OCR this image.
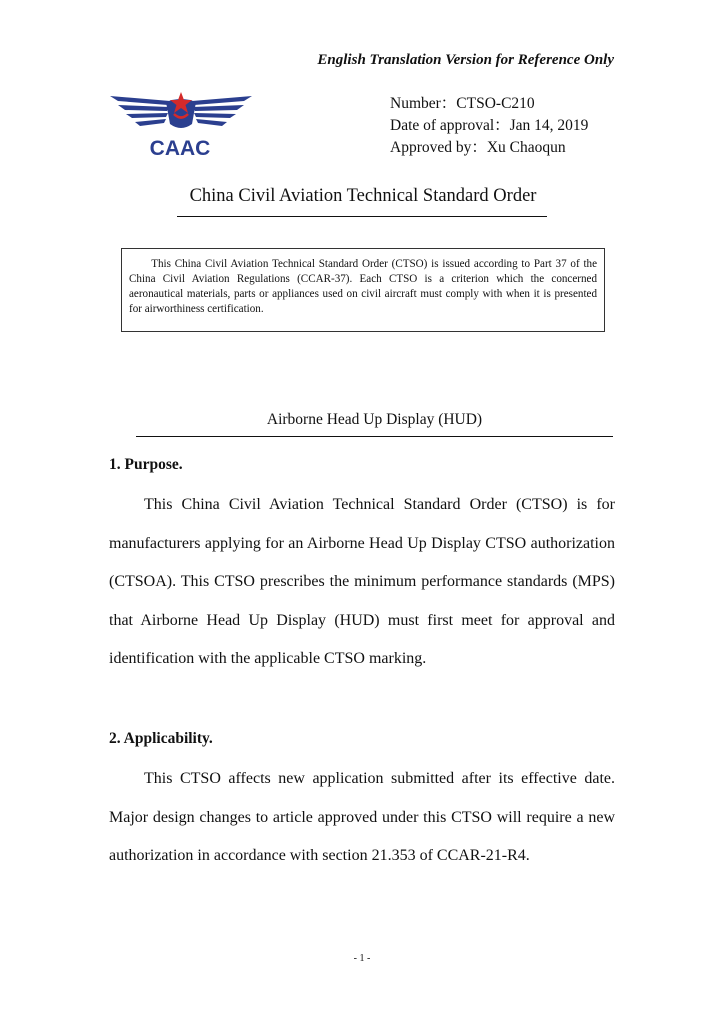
English Translation Version for Reference Only
CAAC
Number：CTSO-C210
Date of approval：Jan 14, 2019
Approved by：Xu Chaoqun
China Civil Aviation Technical Standard Order

This China Civil Aviation Technical Standard Order (CTSO) is issued according to Part 37 of the China Civil Aviation Regulations (CCAR-37). Each CTSO is a criterion which the concerned aeronautical materials, parts or appliances used on civil aircraft must comply with when it is presented for airworthiness certification.

Airborne Head Up Display (HUD)
1. Purpose.

This China Civil Aviation Technical Standard Order (CTSO) is for manufacturers applying for an Airborne Head Up Display CTSO authorization (CTSOA). This CTSO prescribes the minimum performance standards (MPS) that Airborne Head Up Display (HUD) must first meet for approval and identification with the applicable CTSO marking.

2. Applicability.

This CTSO affects new application submitted after its effective date. Major design changes to article approved under this CTSO will require a new authorization in accordance with section 21.353 of CCAR-21-R4.

- 1 -
